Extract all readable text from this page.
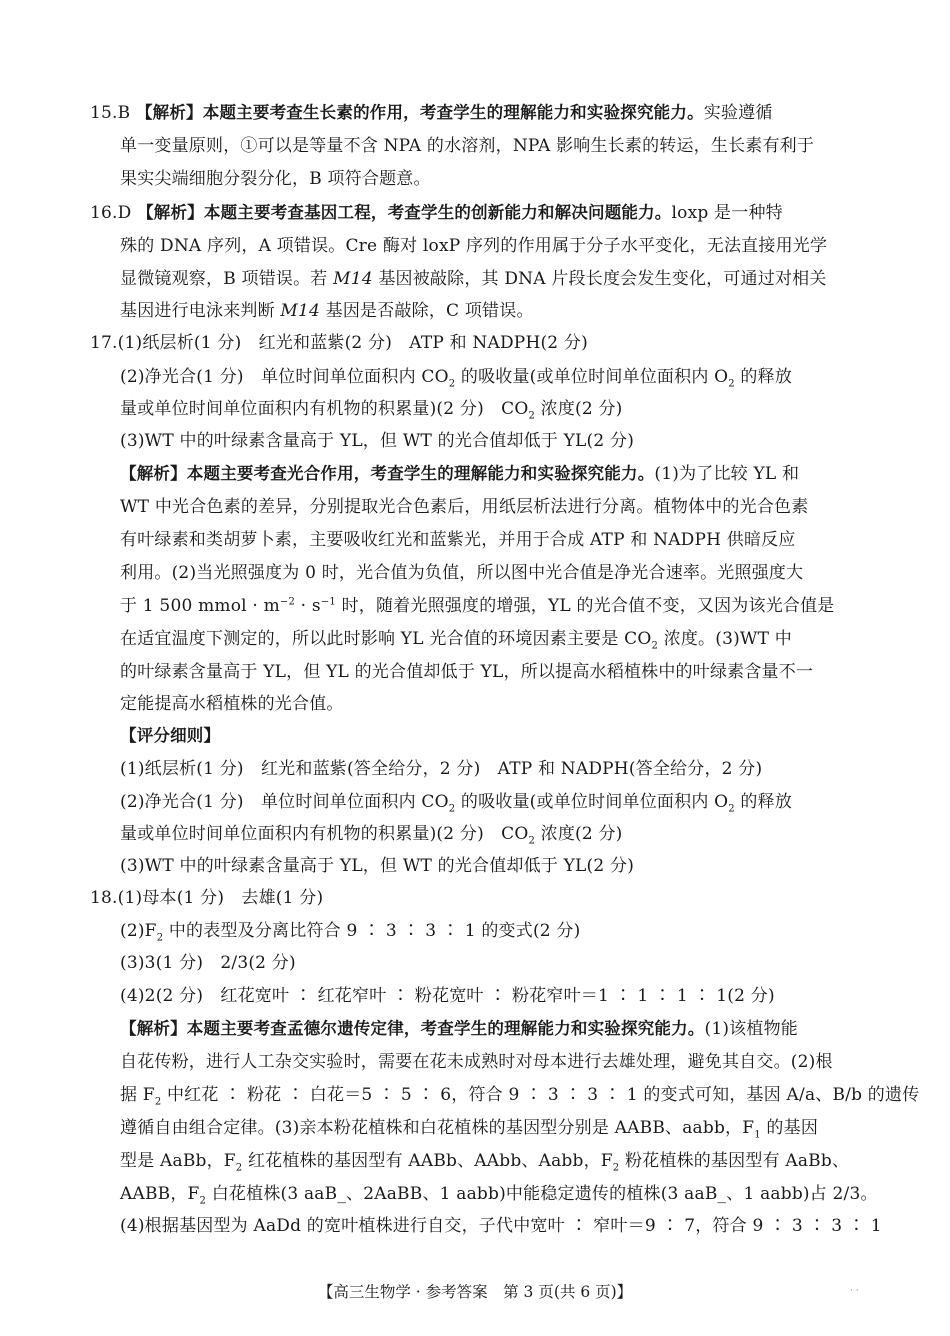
15.B 【解析】本题主要考查生长素的作用，考查学生的理解能力和实验探究能力。实验遵循
单一变量原则，①可以是等量不含 NPA 的水溶剂，NPA 影响生长素的转运，生长素有利于
果实尖端细胞分裂分化，B 项符合题意。
16.D 【解析】本题主要考查基因工程，考查学生的创新能力和解决问题能力。loxp 是一种特
殊的 DNA 序列，A 项错误。Cre 酶对 loxP 序列的作用属于分子水平变化，无法直接用光学
显微镜观察，B 项错误。若 M14 基因被敲除，其 DNA 片段长度会发生变化，可通过对相关
基因进行电泳来判断 M14 基因是否敲除，C 项错误。
17.(1)纸层析(1 分)　红光和蓝紫(2 分)　ATP 和 NADPH(2 分)
(2)净光合(1 分)　单位时间单位面积内 $CO_2$ 的吸收量(或单位时间单位面积内 $O_2$ 的释放
量或单位时间单位面积内有机物的积累量)(2 分)　$CO_2$ 浓度(2 分)
(3)WT 中的叶绿素含量高于 YL，但 WT 的光合值却低于 YL(2 分)
【解析】本题主要考查光合作用，考查学生的理解能力和实验探究能力。(1)为了比较 YL 和
WT 中光合色素的差异，分别提取光合色素后，用纸层析法进行分离。植物体中的光合色素
有叶绿素和类胡萝卜素，主要吸收红光和蓝紫光，并用于合成 ATP 和 NADPH 供暗反应
利用。(2)当光照强度为 0 时，光合值为负值，所以图中光合值是净光合速率。光照强度大
于 1 500 mmol · $m^{-2} \cdot s^{-1}$ 时，随着光照强度的增强，YL 的光合值不变，又因为该光合值是
在适宜温度下测定的，所以此时影响 YL 光合值的环境因素主要是 $CO_2$ 浓度。(3)WT 中
的叶绿素含量高于 YL，但 YL 的光合值却低于 YL，所以提高水稻植株中的叶绿素含量不一
定能提高水稻植株的光合值。
【评分细则】
(1)纸层析(1 分)　红光和蓝紫(答全给分，2 分)　ATP 和 NADPH(答全给分，2 分)
(2)净光合(1 分)　单位时间单位面积内 $CO_2$ 的吸收量(或单位时间单位面积内 $O_2$ 的释放
量或单位时间单位面积内有机物的积累量)(2 分)　$CO_2$ 浓度(2 分)
(3)WT 中的叶绿素含量高于 YL，但 WT 的光合值却低于 YL(2 分)
18.(1)母本(1 分)　去雄(1 分)
$(2)F_2$ 中的表型及分离比符合 9 ∶ 3 ∶ 3 ∶ 1 的变式(2 分)
(3)3(1 分)　2/3(2 分)
(4)2(2 分)　红花宽叶 ∶ 红花窄叶 ∶ 粉花宽叶 ∶ 粉花窄叶＝1 ∶ 1 ∶ 1 ∶ 1(2 分)
【解析】本题主要考查孟德尔遗传定律，考查学生的理解能力和实验探究能力。(1)该植物能
自花传粉，进行人工杂交实验时，需要在花未成熟时对母本进行去雄处理，避免其自交。(2)根
据 $F_2$ 中红花 ∶ 粉花 ∶ 白花＝5 ∶ 5 ∶ 6，符合 9 ∶ 3 ∶ 3 ∶ 1 的变式可知，基因 A/a、B/b 的遗传
遵循自由组合定律。(3)亲本粉花植株和白花植株的基因型分别是 AABB、aabb，$F_1$ 的基因
型是 AaBb，$F_2$ 红花植株的基因型有 AABb、AAbb、Aabb，$F_2$ 粉花植株的基因型有 AaBb、
AABB，$F_2$ 白花植株(3 aaB_、2AaBB、1 aabb)中能稳定遗传的植株(3 aaB_、1 aabb)占 2/3。
(4)根据基因型为 AaDd 的宽叶植株进行自交，子代中宽叶 ∶ 窄叶＝9 ∶ 7，符合 9 ∶ 3 ∶ 3 ∶ 1
【高三生物学 · 参考答案　第 3 页(共 6 页)】	· ·
